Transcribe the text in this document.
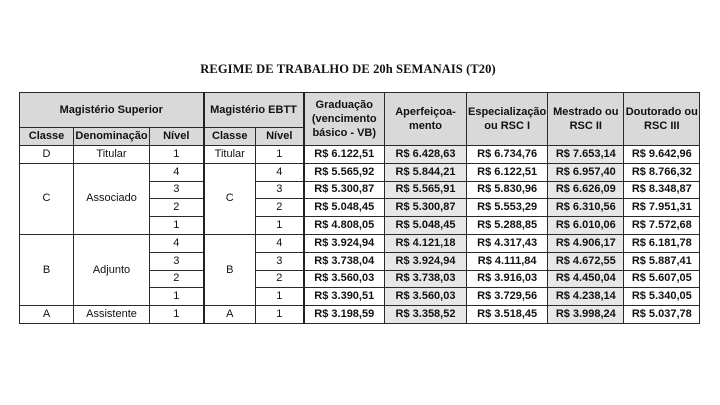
REGIME DE TRABALHO DE 20h SEMANAIS (T20)
Magistério Superior			Magistério EBTT		Graduação (vencimento básico - VB)	Aperfeiçoa-mento	Especialização ou RSC I	Mestrado ou RSC II	Doutorado ou RSC III
Classe	Denominação	Nível	Classe	Nível					
D	Titular	1	Titular	1	R$ 6.122,51	R$ 6.428,63	R$ 6.734,76	R$ 7.653,14	R$ 9.642,96
C	Associado	4	C	4	R$ 5.565,92	R$ 5.844,21	R$ 6.122,51	R$ 6.957,40	R$ 8.766,32
		3		3	R$ 5.300,87	R$ 5.565,91	R$ 5.830,96	R$ 6.626,09	R$ 8.348,87
		2		2	R$ 5.048,45	R$ 5.300,87	R$ 5.553,29	R$ 6.310,56	R$ 7.951,31
		1		1	R$ 4.808,05	R$ 5.048,45	R$ 5.288,85	R$ 6.010,06	R$ 7.572,68
B	Adjunto	4	B	4	R$ 3.924,94	R$ 4.121,18	R$ 4.317,43	R$ 4.906,17	R$ 6.181,78
		3		3	R$ 3.738,04	R$ 3.924,94	R$ 4.111,84	R$ 4.672,55	R$ 5.887,41
		2		2	R$ 3.560,03	R$ 3.738,03	R$ 3.916,03	R$ 4.450,04	R$ 5.607,05
		1		1	R$ 3.390,51	R$ 3.560,03	R$ 3.729,56	R$ 4.238,14	R$ 5.340,05
A	Assistente	1	A	1	R$ 3.198,59	R$ 3.358,52	R$ 3.518,45	R$ 3.998,24	R$ 5.037,78
